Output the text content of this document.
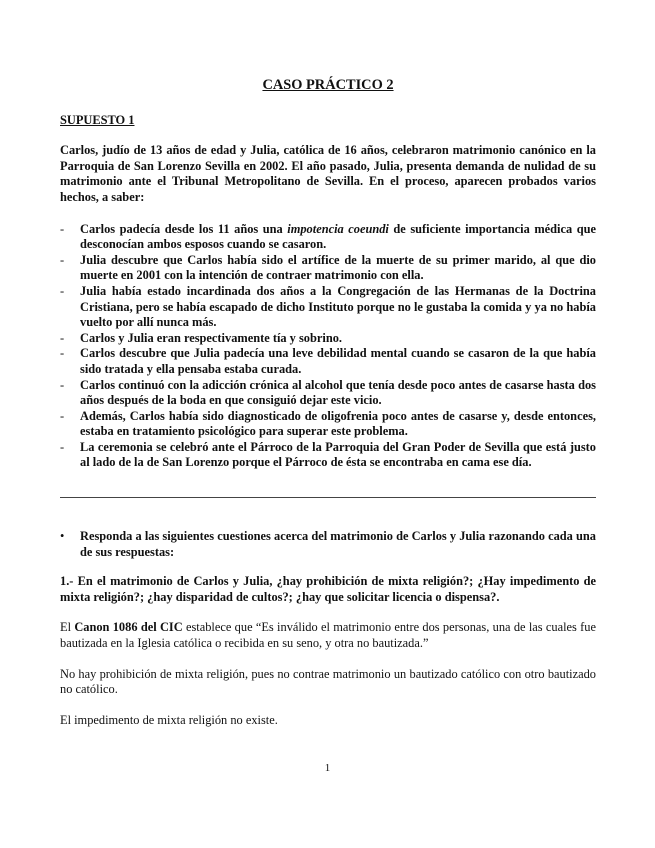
CASO PRÁCTICO 2
SUPUESTO 1
Carlos, judío de 13 años de edad y Julia, católica de 16 años, celebraron matrimonio canónico en la Parroquia de San Lorenzo Sevilla en 2002. El año pasado, Julia, presenta demanda de nulidad de su matrimonio ante el Tribunal Metropolitano de Sevilla. En el proceso, aparecen probados varios hechos, a saber:
- Carlos padecía desde los 11 años una impotencia coeundi de suficiente importancia médica que desconocían ambos esposos cuando se casaron.
- Julia descubre que Carlos había sido el artífice de la muerte de su primer marido, al que dio muerte en 2001 con la intención de contraer matrimonio con ella.
- Julia había estado incardinada dos años a la Congregación de las Hermanas de la Doctrina Cristiana, pero se había escapado de dicho Instituto porque no le gustaba la comida y ya no había vuelto por allí nunca más.
- Carlos y Julia eran respectivamente tía y sobrino.
- Carlos descubre que Julia padecía una leve debilidad mental cuando se casaron de la que había sido tratada y ella pensaba estaba curada.
- Carlos continuó con la adicción crónica al alcohol que tenía desde poco antes de casarse hasta dos años después de la boda en que consiguió dejar este vicio.
- Además, Carlos había sido diagnosticado de oligofrenia poco antes de casarse y, desde entonces, estaba en tratamiento psicológico para superar este problema.
- La ceremonia se celebró ante el Párroco de la Parroquia del Gran Poder de Sevilla que está justo al lado de la de San Lorenzo porque el Párroco de ésta se encontraba en cama ese día.
• Responda a las siguientes cuestiones acerca del matrimonio de Carlos y Julia razonando cada una de sus respuestas:
1.- En el matrimonio de Carlos y Julia, ¿hay prohibición de mixta religión?; ¿Hay impedimento de mixta religión?; ¿hay disparidad de cultos?; ¿hay que solicitar licencia o dispensa?.
El Canon 1086 del CIC establece que “Es inválido el matrimonio entre dos personas, una de las cuales fue bautizada en la Iglesia católica o recibida en su seno, y otra no bautizada.”
No hay prohibición de mixta religión, pues no contrae matrimonio un bautizado católico con otro bautizado no católico.
El impedimento de mixta religión no existe.
1
